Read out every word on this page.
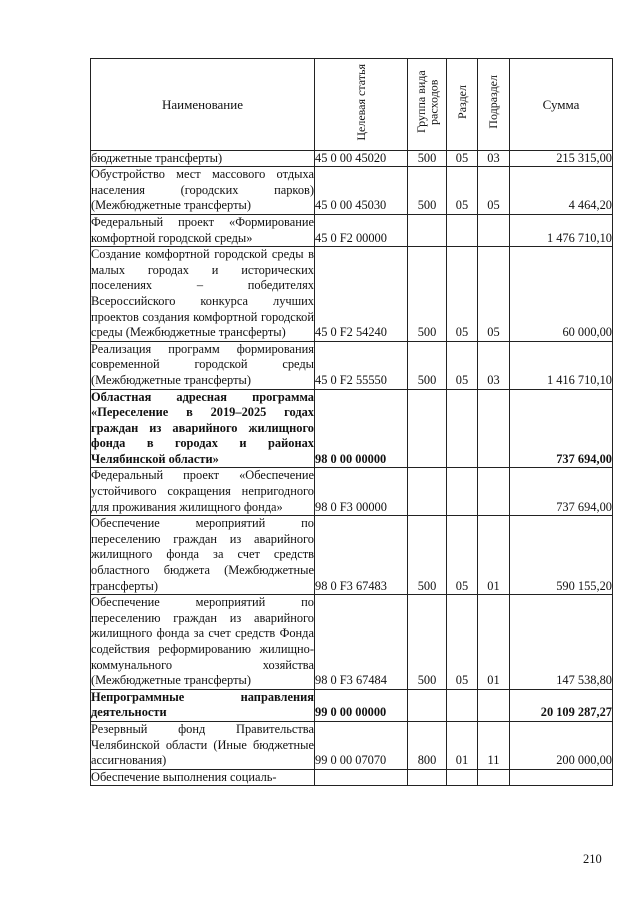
Наименование	Целевая статья	Группа вида расходов	Раздел	Подраздел	Сумма
бюджетные трансферты)	45 0 00 45020	500	05	03	215 315,00
Обустройство мест массового отдыха населения (городских парков) (Межбюджетные трансферты)	45 0 00 45030	500	05	05	4 464,20
Федеральный проект «Формирование комфортной городской среды»	45 0 F2 00000				1 476 710,10
Создание комфортной городской среды в малых городах и исторических поселениях – победителях Всероссийского конкурса лучших проектов создания комфортной городской среды (Межбюджетные трансферты)	45 0 F2 54240	500	05	05	60 000,00
Реализация программ формирования современной городской среды (Межбюджетные трансферты)	45 0 F2 55550	500	05	03	1 416 710,10
Областная адресная программа «Переселение в 2019–2025 годах граждан из аварийного жилищного фонда в городах и районах Челябинской области»	98 0 00 00000				737 694,00
Федеральный проект «Обеспечение устойчивого сокращения непригодного для проживания жилищного фонда»	98 0 F3 00000				737 694,00
Обеспечение мероприятий по переселению граждан из аварийного жилищного фонда за счет средств областного бюджета (Межбюджетные трансферты)	98 0 F3 67483	500	05	01	590 155,20
Обеспечение мероприятий по переселению граждан из аварийного жилищного фонда за счет средств Фонда содействия реформированию жилищно-коммунального хозяйства (Межбюджетные трансферты)	98 0 F3 67484	500	05	01	147 538,80
Непрограммные направления деятельности	99 0 00 00000				20 109 287,27
Резервный фонд Правительства Челябинской области (Иные бюджетные ассигнования)	99 0 00 07070	800	01	11	200 000,00
Обеспечение выполнения социаль-					
210
